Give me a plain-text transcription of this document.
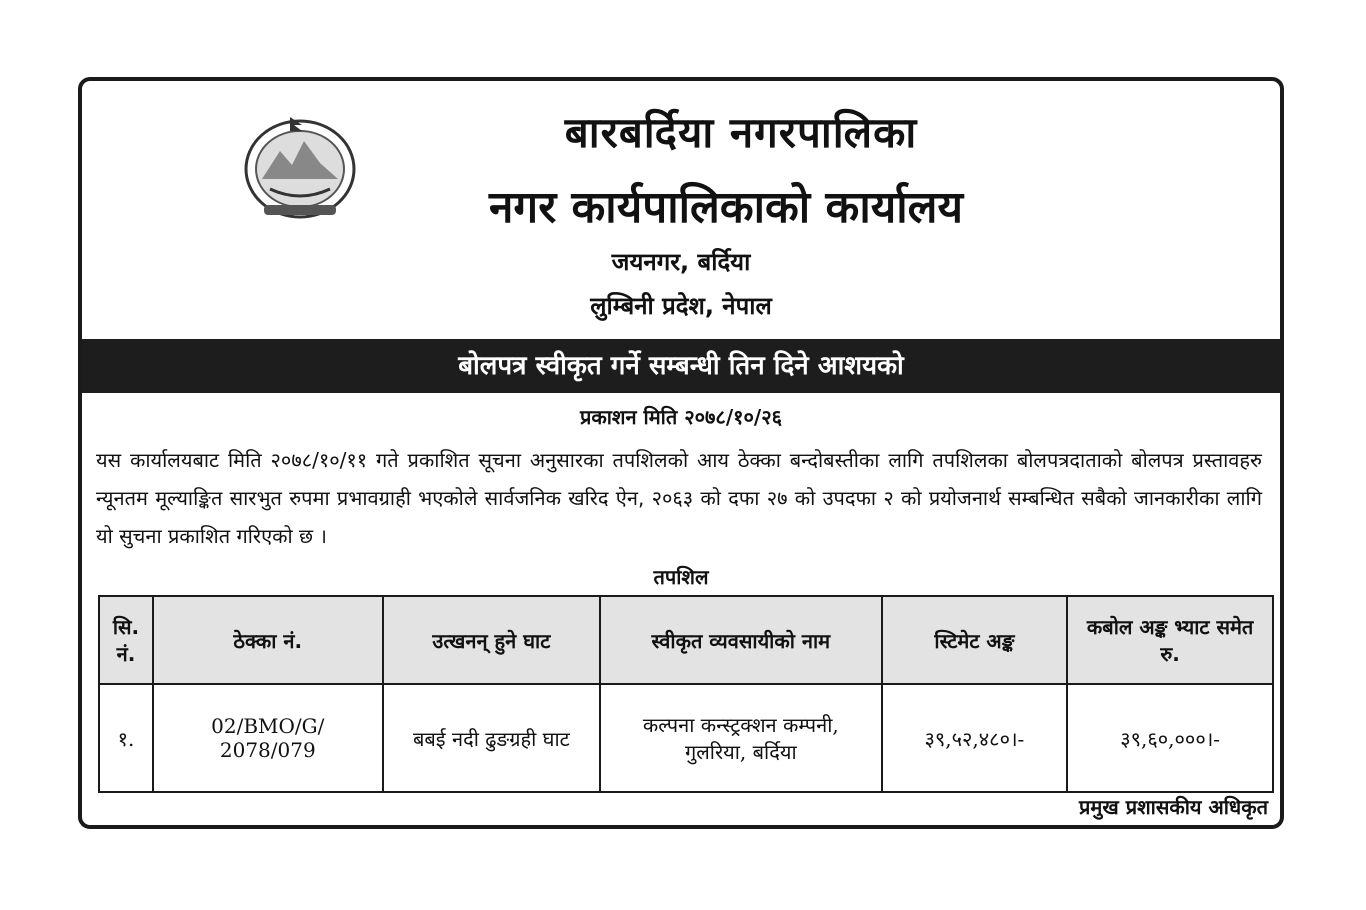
बारबर्दिया नगरपालिका
नगर कार्यपालिकाको कार्यालय
जयनगर, बर्दिया
लुम्बिनी प्रदेश, नेपाल
बोलपत्र स्वीकृत गर्ने सम्बन्धी तिन दिने आशयको
प्रकाशन मिति २०७८/१०/२६
यस कार्यालयबाट मिति २०७८/१०/११ गते प्रकाशित सूचना अनुसारका तपशिलको आय ठेक्का बन्दोबस्तीका लागि तपशिलका बोलपत्रदाताको बोलपत्र प्रस्तावहरु न्यूनतम मूल्याङ्कित सारभुत रुपमा प्रभावग्राही भएकोले सार्वजनिक खरिद ऐन, २०६३ को दफा २७ को उपदफा २ को प्रयोजनार्थ सम्बन्धित सबैको जानकारीका लागि यो सुचना प्रकाशित गरिएको छ ।
तपशिल
सि. नं.	ठेक्का नं.	उत्खनन् हुने घाट	स्वीकृत व्यवसायीको नाम	स्टिमेट अङ्क	कबोल अङ्क भ्याट समेत रु.
१.	02/BMO/G/ 2078/079	बबई नदी ढुङग्रही घाट	कल्पना कन्स्ट्रक्शन कम्पनी, गुलरिया, बर्दिया	३९,५२,४८०।-	३९,६०,०००।-
प्रमुख प्रशासकीय अधिकृत
